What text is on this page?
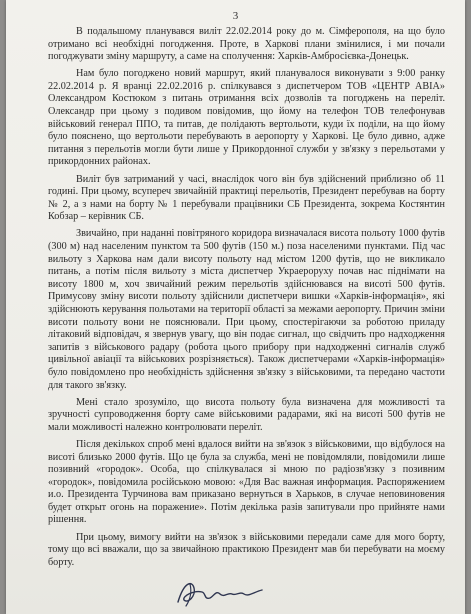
3

В подальшому планувався виліт 22.02.2014 року до м. Сімферополя, на що було отримано всі необхідні погодження. Проте, в Харкові плани змінилися, і ми почали погоджувати зміну маршруту, а саме на сполучення: Харків-Амбросієвка-Донецьк.

Нам було погоджено новий маршрут, який планувалося виконувати з 9:00 ранку 22.02.2014 р. Я вранці 22.02.2016 р. спілкувався з диспетчером ТОВ «ЦЕНТР АВІА» Олександром Костюком з питань отримання всіх дозволів та погоджень на переліт. Олександр при цьому з подивом повідомив, що йому на телефон ТОВ телефонував військовий генерал ППО, та питав, де полідають вертольоти, куди їх поділи, на що йому було пояснено, що вертольоти перебувають в аеропорту у Харкові. Це було дивно, адже питання з перельотів могли бути лише у Прикордонної служби у зв'язку з перельотами у прикордонних районах.

Виліт був затриманий у часі, внаслідок чого він був здійснений приблизно об 11 годині. При цьому, всупереч звичайній практиці перельотів, Президент перебував на борту № 2, а з нами на борту № 1 перебували працівники СБ Президента, зокрема Костянтин Кобзар – керівник СБ.

Звичайно, при наданні повітряного коридора визначалася висота польоту 1000 футів (300 м) над населеним пунктом та 500 футів (150 м.) поза населеними пунктами. Під час вильоту з Харкова нам дали висоту польоту над містом 1200 футів, що не викликало питань, а потім після вильоту з міста диспетчер Украероруху почав нас піднімати на висоту 1800 м, хоч звичайний режим перельотів здійснювався на висоті 500 футів. Примусову зміну висоти польоту здійснили диспетчери вишки «Харків-інформація», які здійснюють керування польотами на території області за межами аеропорту. Причин зміни висоти польоту вони не пояснювали. При цьому, спостерігаючи за роботою приладу літаковий відповідач, я звернув увагу, що він подає сигнал, що свідчить про надходження запитів з військового радару (робота цього прибору при надходженні сигналів служб цивільної авіації та військових розрізняється). Також диспетчерами «Харків-інформація» було повідомлено про необхідність здійснення зв'язку з військовими, та передано частоти для такого зв'язку.

Мені стало зрозуміло, що висота польоту була визначена для можливості та зручності супроводження борту саме військовими радарами, які на висоті 500 футів не мали можливості належно контролювати переліт.

Після декількох спроб мені вдалося вийти на зв'язок з військовими, що відбулося на висоті близько 2000 футів. Що це була за служба, мені не повідомляли, повідомили лише позивний «городок». Особа, що спілкувалася зі мною по радіозв'язку з позивним «городок», повідомила російською мовою: «Для Вас важная информация. Распоряжением и.о. Президента Турчинова вам приказано вернуться в Харьков, в случае неповиновения будет открыт огонь на поражение». Потім декілька разів запитували про прийняте нами рішення.

При цьому, вимогу вийти на зв'язок з військовими передали саме для мого борту, тому що всі вважали, що за звичайною практикою Президент мав би перебувати на моєму борту.
